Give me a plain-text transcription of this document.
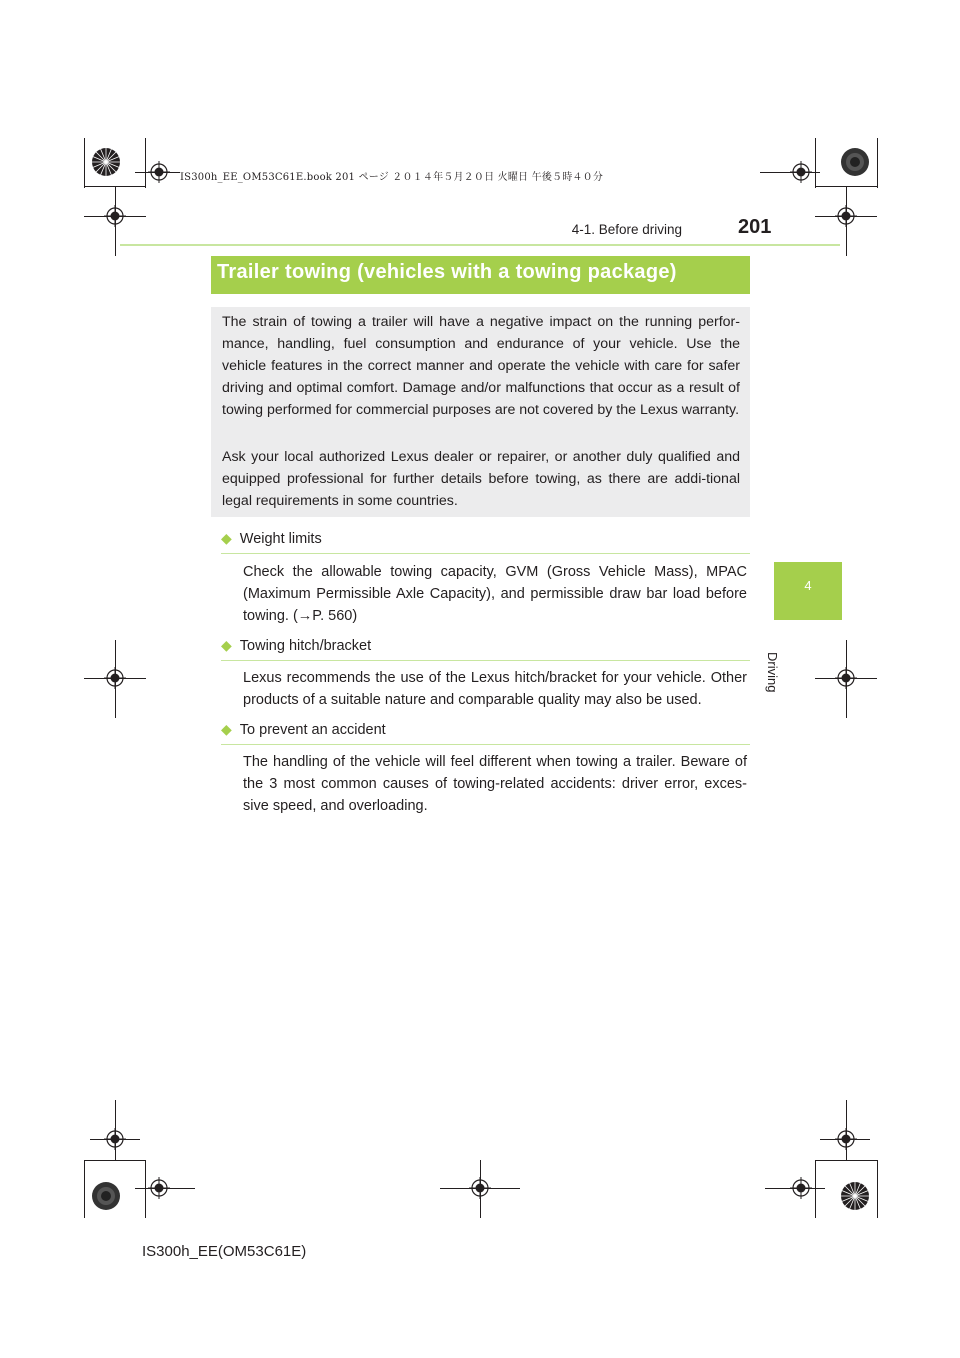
IS300h_EE_OM53C61E.book 201 ページ ２０１４年５月２０日 火曜日 午後５時４０分
4-1. Before driving	201
4
Driving
Trailer towing (vehicles with a towing package)
The strain of towing a trailer will have a negative impact on the running perfor-mance, handling, fuel consumption and endurance of your vehicle. Use the vehicle features in the correct manner and operate the vehicle with care for safer driving and optimal comfort. Damage and/or malfunctions that occur as a result of towing performed for commercial purposes are not covered by the Lexus warranty.
Ask your local authorized Lexus dealer or repairer, or another duly qualified and equipped professional for further details before towing, as there are addi-tional legal requirements in some countries.
◆ Weight limits
Check the allowable towing capacity, GVM (Gross Vehicle Mass), MPAC (Maximum Permissible Axle Capacity), and permissible draw bar load before towing. (→P. 560)
◆ Towing hitch/bracket
Lexus recommends the use of the Lexus hitch/bracket for your vehicle. Other products of a suitable nature and comparable quality may also be used.
◆ To prevent an accident
The handling of the vehicle will feel different when towing a trailer. Beware of the 3 most common causes of towing-related accidents: driver error, exces-sive speed, and overloading.
IS300h_EE(OM53C61E)
